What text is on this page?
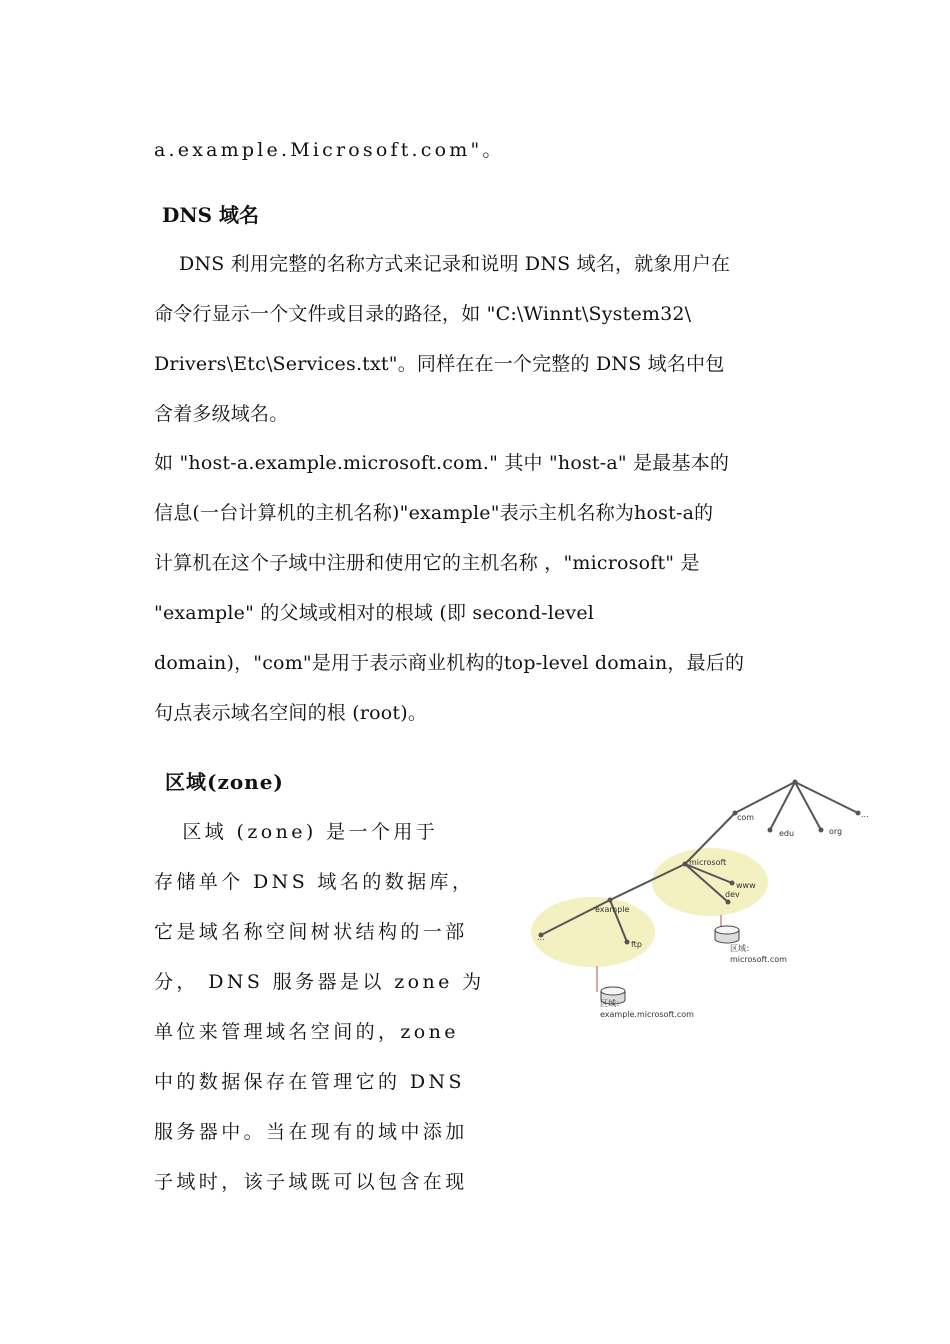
a.example.Microsoft.com"。
DNS 域名
DNS 利用完整的名称方式来记录和说明 DNS 域名，就象用户在
命令行显示一个文件或目录的路径，如 "C:\Winnt\System32\
Drivers\Etc\Services.txt"。同样在在一个完整的 DNS 域名中包
含着多级域名。
如 "host-a.example.microsoft.com." 其中 "host-a" 是最基本的
信息(一台计算机的主机名称)"example"表示主机名称为host-a的
计算机在这个子域中注册和使用它的主机名称 ，"microsoft" 是
"example" 的父域或相对的根域 (即 second-level
domain)，"com"是用于表示商业机构的top-level domain，最后的
句点表示域名空间的根 (root)。
区域(zone)
区域 (zone) 是一个用于
存储单个 DNS 域名的数据库，
它是域名称空间树状结构的一部
分， DNS 服务器是以 zone 为
单位来管理域名空间的，zone
中的数据保存在管理它的 DNS
服务器中。当在现有的域中添加
子域时，该子域既可以包含在现
com
edu	org
...
microsoft
www
dev
example
...
ftp	区域：
microsoft.com
区域：
example.microsoft.com
